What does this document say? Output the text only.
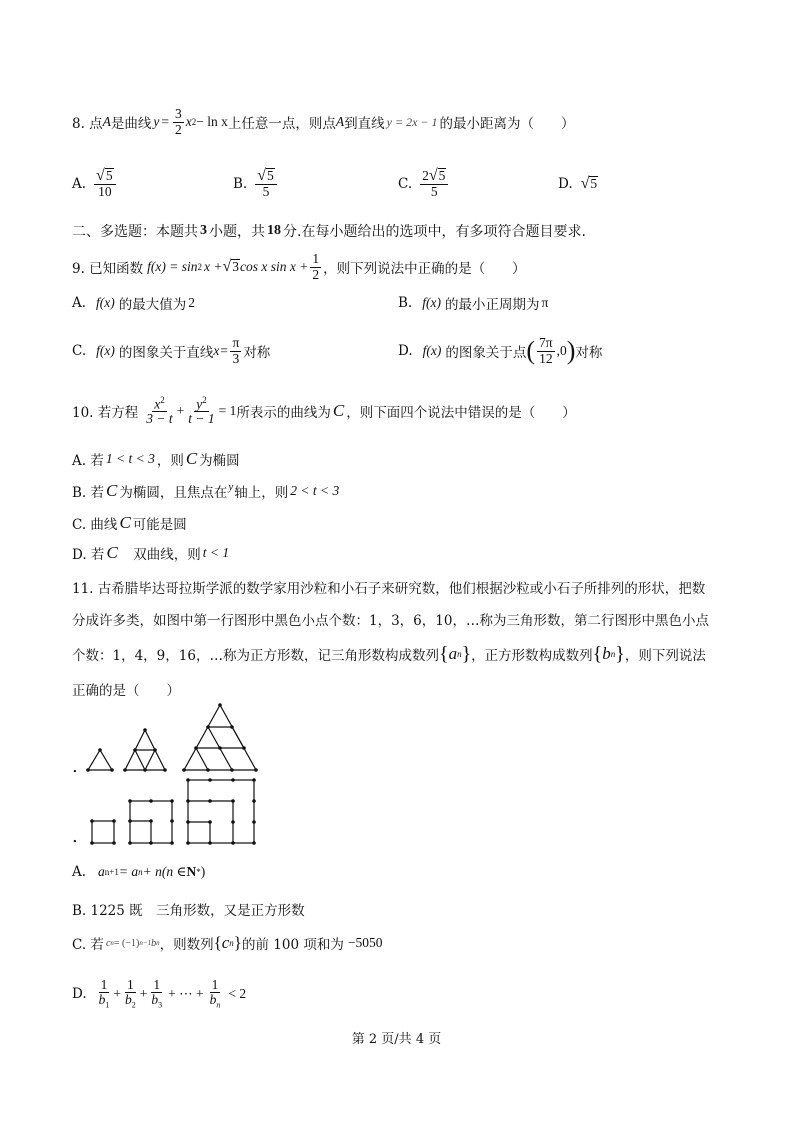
8. 点 A 是曲线 $y = \frac{3}{2}$ x 2 − ln x 上任意一点，则点 A 到直线 y = 2x − 1 的最小距离为（　　）
A. $\frac{√ 5}{10}$	B. $\frac{√ 5}{5}$	C. $\frac{2 √ 5}{5}$	D. √ 5
二、多选题：本题共 3 小题，共 18 分.在每小题给出的选项中，有多项符合题目要求.
9. 已知函数 f(x) = sin 2 x + √ 3 cos x $\sin x + \frac{1}{2}$ ，则下列说法中正确的是（　　）
A. f(x) 的最大值为 2	B. f(x) 的最小正周期为 π
C. f(x) 的图象关于直线 $x= \frac{\pi}{3}$ 对称	D. f(x) 的图象关于点 ( $\frac{7\pi}{12} ,0$ ) 对称
10. 若方程 $\frac{x^2}{3 - t} + \frac{y^2}{t - 1} = 1$ 所表示的曲线为 C ，则下面四个说法中错误的是（　　）
A. 若 1 < t < 3 ，则 C 为椭圆
B. 若 C 为椭圆，且焦点在 y 轴上，则 2 < t < 3
C. 曲线 C 可能是圆
D. 若 C 　双曲线，则 t < 1
11. 古希腊毕达哥拉斯学派的数学家用沙粒和小石子来研究数，他们根据沙粒或小石子所排列的形状，把数
分成许多类，如图中第一行图形中黑色小点个数：1，3，6，10，…称为三角形数，第二行图形中黑色小点
个数：1，4，9，16，…称为正方形数，记三角形数构成数列 { a n } ，正方形数构成数列 { b n } ，则下列说法
正确的是（　　）
.
.
A. a n+1 = a n + n(n ∈ N * )
B. 1225 既　三角形数，又是正方形数
C. 若 c n = (−1) n−1 b n ，则数列 { c n } 的前 100 项和为 −5050
D. $\frac{1}{b_1} + \frac{1}{b_2} + \frac{1}{b_3}$ + ⋯ + $\frac{1}{b_n} < 2$
第 2 页/共 4 页
